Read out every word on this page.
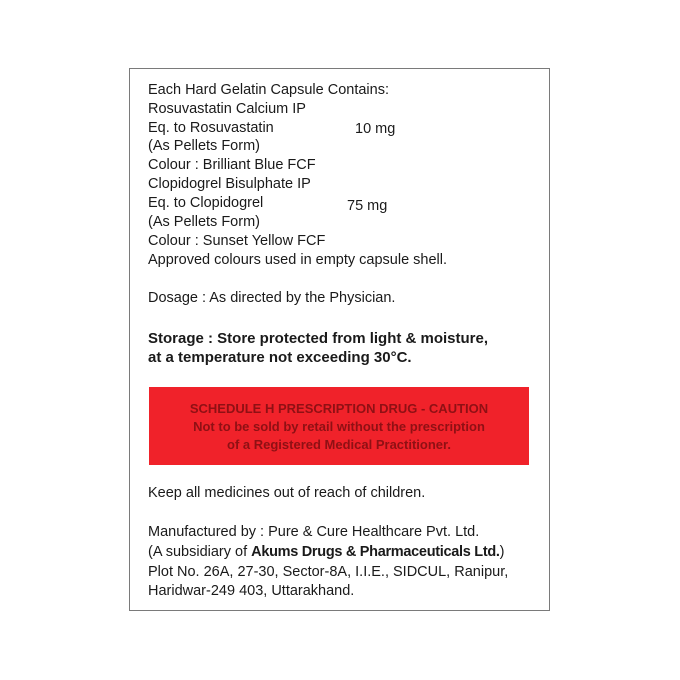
Each Hard Gelatin Capsule Contains:
Rosuvastatin Calcium IP
Eq. to Rosuvastatin	10 mg
(As Pellets Form)
Colour : Brilliant Blue FCF
Clopidogrel Bisulphate IP
Eq. to Clopidogrel	75 mg
(As Pellets Form)
Colour : Sunset Yellow FCF
Approved colours used in empty capsule shell.
Dosage : As directed by the Physician.
Storage : Store protected from light & moisture,
at a temperature not exceeding 30°C.
SCHEDULE H PRESCRIPTION DRUG - CAUTION
Not to be sold by retail without the prescription
of a Registered Medical Practitioner.
Keep all medicines out of reach of children.
Manufactured by : Pure & Cure Healthcare Pvt. Ltd.
(A subsidiary of Akums Drugs & Pharmaceuticals Ltd.)
Plot No. 26A, 27-30, Sector-8A, I.I.E., SIDCUL, Ranipur,
Haridwar-249 403, Uttarakhand.
